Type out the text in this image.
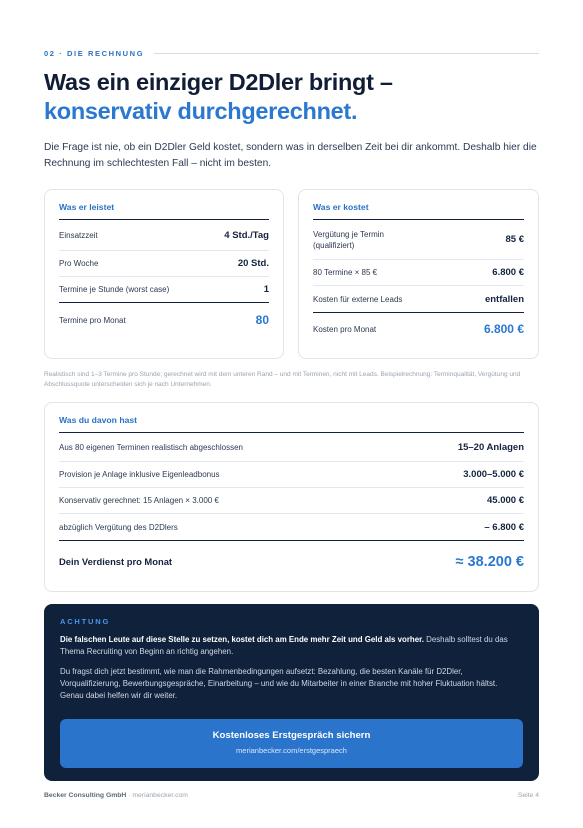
02 · DIE RECHNUNG
Was ein einziger D2Dler bringt –
konservativ durchgerechnet.

Die Frage ist nie, ob ein D2Dler Geld kostet, sondern was in derselben Zeit bei dir ankommt. Deshalb hier die Rechnung im schlechtesten Fall – nicht im besten.

Was er leistet
Einsatzzeit	4 Std./Tag
Pro Woche	20 Std.
Termine je Stunde (worst case)	1
Termine pro Monat	80
Was er kostet
Vergütung je Termin (qualifiziert)	85 €
80 Termine × 85 €	6.800 €
Kosten für externe Leads	entfallen
Kosten pro Monat	6.800 €

Realistisch sind 1–3 Termine pro Stunde; gerechnet wird mit dem unteren Rand – und mit Terminen, nicht mit Leads. Beispielrechnung: Terminqualität, Vergütung und Abschlussquote unterscheiden sich je nach Unternehmen.

Was du davon hast
Aus 80 eigenen Terminen realistisch abgeschlossen	15–20 Anlagen
Provision je Anlage inklusive Eigenleadbonus	3.000–5.000 €
Konservativ gerechnet: 15 Anlagen × 3.000 €	45.000 €
abzüglich Vergütung des D2Dlers	– 6.800 €
Dein Verdienst pro Monat	≈ 38.200 €
ACHTUNG

Die falschen Leute auf diese Stelle zu setzen, kostet dich am Ende mehr Zeit und Geld als vorher. Deshalb solltest du das Thema Recruiting von Beginn an richtig angehen.

Du fragst dich jetzt bestimmt, wie man die Rahmenbedingungen aufsetzt: Bezahlung, die besten Kanäle für D2Dler, Vorqualifizierung, Bewerbungsgespräche, Einarbeitung – und wie du Mitarbeiter in einer Branche mit hoher Fluktuation hältst. Genau dabei helfen wir dir weiter.

Kostenloses Erstgespräch sichern
merianbecker.com/erstgespraech
Becker Consulting GmbH · merianbecker.com	Seite 4
